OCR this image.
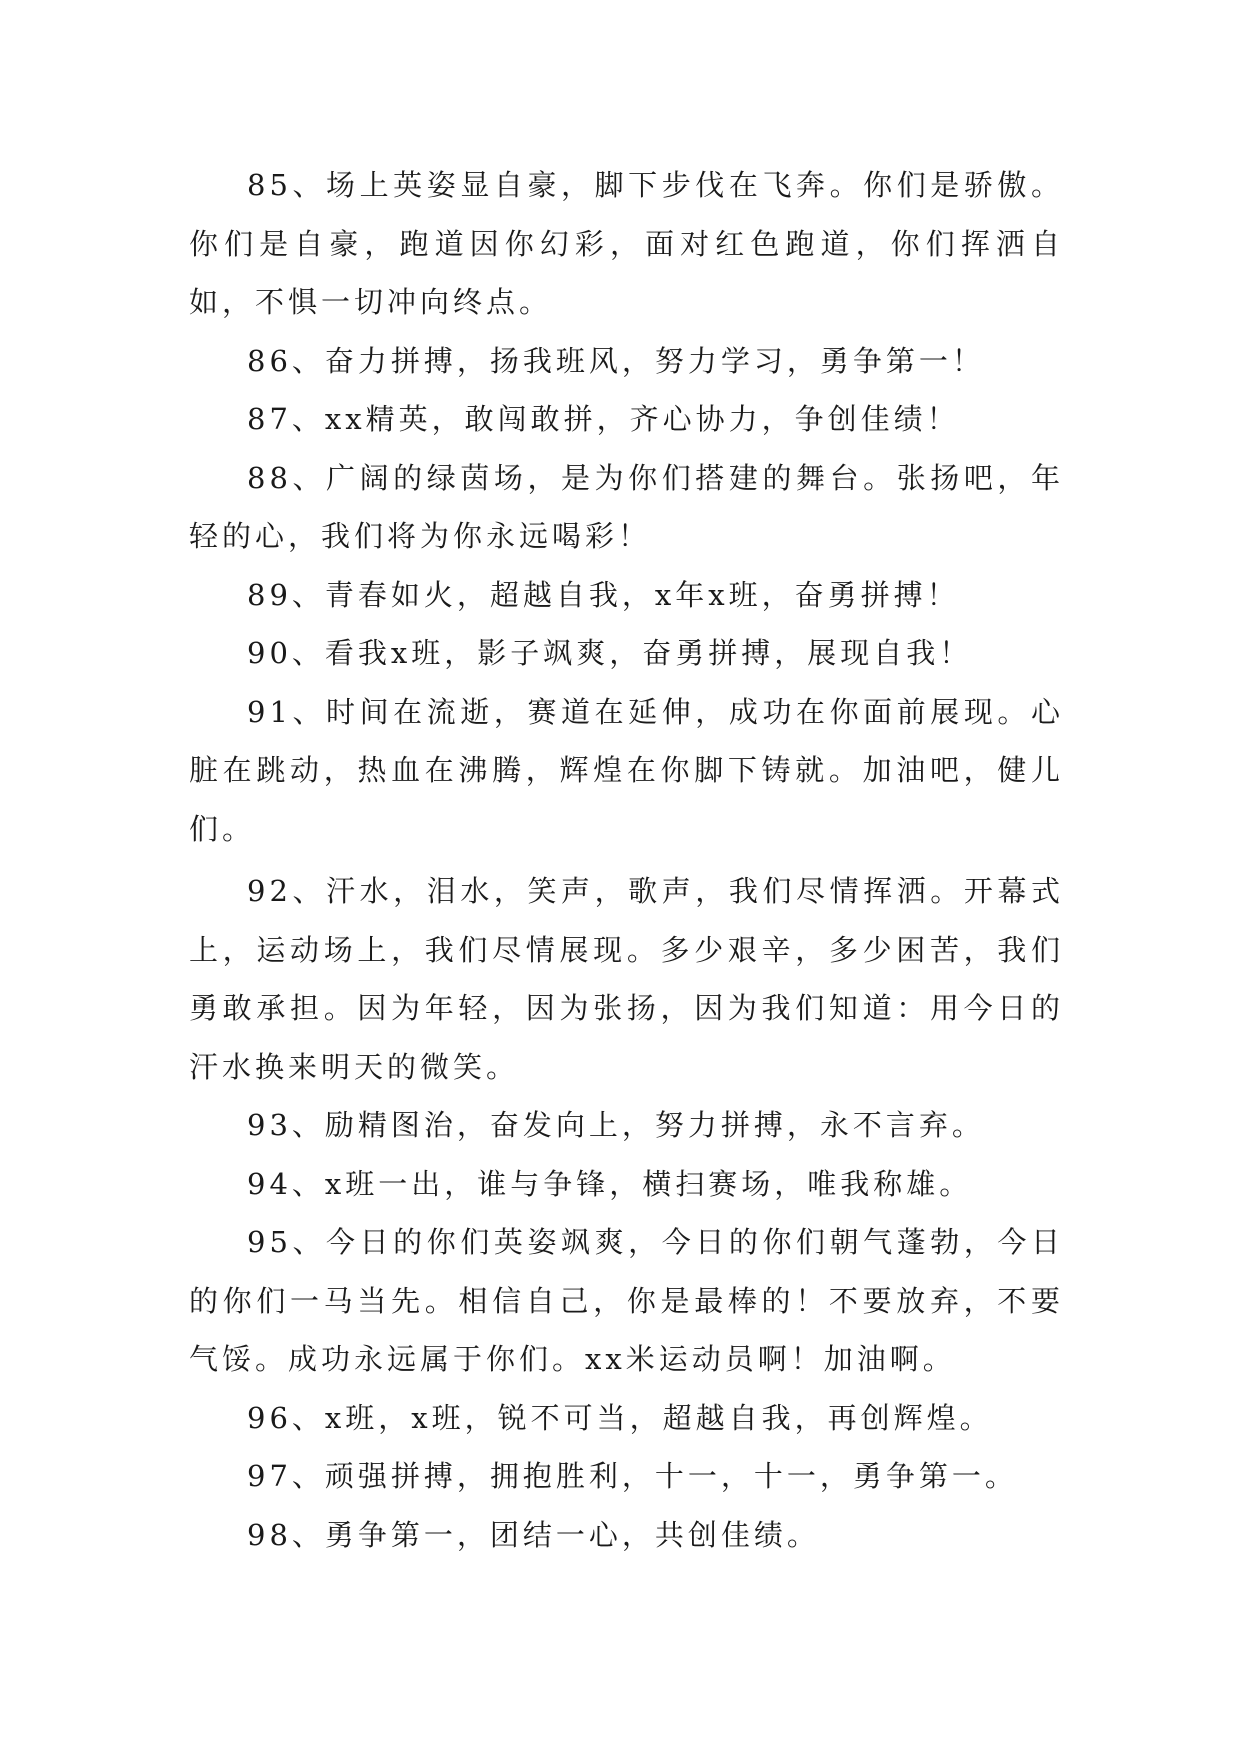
85、场上英姿显自豪，脚下步伐在飞奔。你们是骄傲。你们是自豪，跑道因你幻彩，面对红色跑道，你们挥洒自如，不惧一切冲向终点。

86、奋力拼搏，扬我班风，努力学习，勇争第一！

87、xx精英，敢闯敢拼，齐心协力，争创佳绩！

88、广阔的绿茵场，是为你们搭建的舞台。张扬吧，年轻的心，我们将为你永远喝彩！

89、青春如火，超越自我，x年x班，奋勇拼搏！

90、看我x班，影子飒爽，奋勇拼搏，展现自我！

91、时间在流逝，赛道在延伸，成功在你面前展现。心脏在跳动，热血在沸腾，辉煌在你脚下铸就。加油吧，健儿们。

92、汗水，泪水，笑声，歌声，我们尽情挥洒。开幕式上，运动场上，我们尽情展现。多少艰辛，多少困苦，我们勇敢承担。因为年轻，因为张扬，因为我们知道：用今日的汗水换来明天的微笑。

93、励精图治，奋发向上，努力拼搏，永不言弃。

94、x班一出，谁与争锋，横扫赛场，唯我称雄。

95、今日的你们英姿飒爽，今日的你们朝气蓬勃，今日的你们一马当先。相信自己，你是最棒的！不要放弃，不要气馁。成功永远属于你们。xx米运动员啊！加油啊。

96、x班，x班，锐不可当，超越自我，再创辉煌。

97、顽强拼搏，拥抱胜利，十一，十一，勇争第一。

98、勇争第一，团结一心，共创佳绩。
